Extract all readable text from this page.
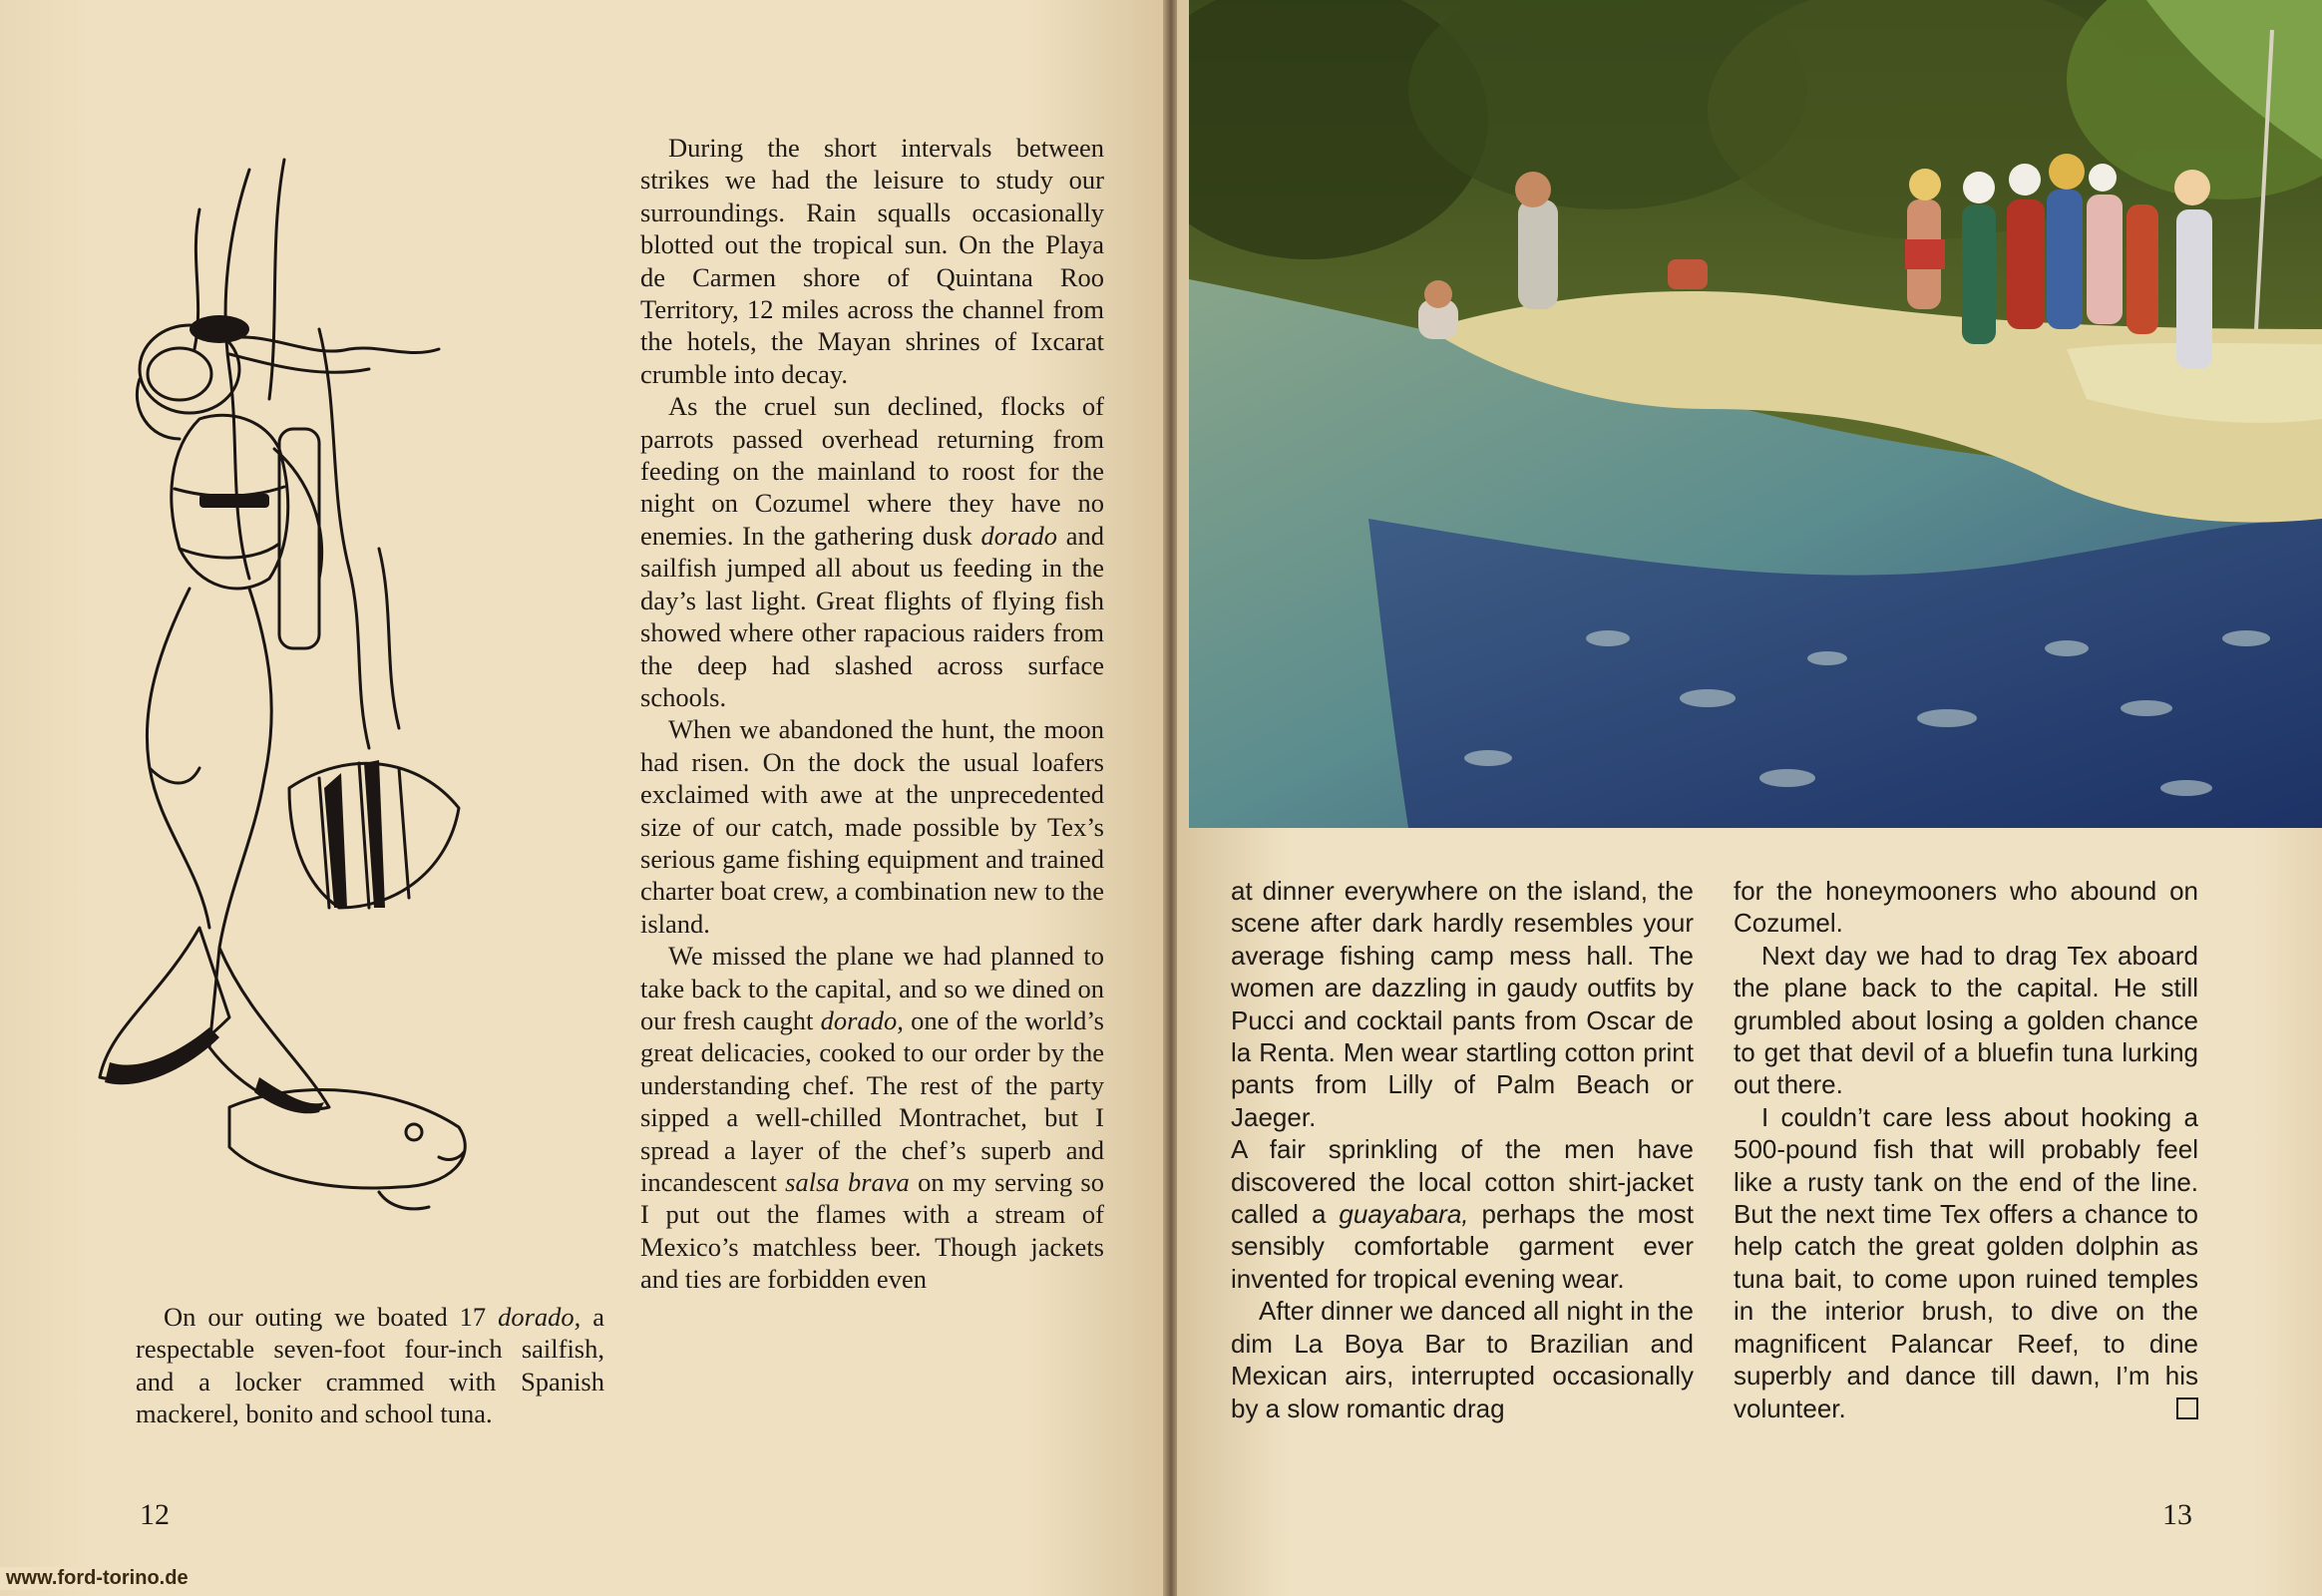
On our outing we boated 17 dorado, a respectable seven-foot four-inch sailfish, and a locker crammed with Spanish mackerel, bonito and school tuna.

During the short intervals between strikes we had the leisure to study our surroundings. Rain squalls occasionally blotted out the tropical sun. On the Playa de Carmen shore of Quintana Roo Territory, 12 miles across the channel from the hotels, the Mayan shrines of Ixcarat crumble into decay.

As the cruel sun declined, flocks of parrots passed overhead returning from feeding on the mainland to roost for the night on Cozumel where they have no enemies. In the gathering dusk dorado and sailfish jumped all about us feeding in the day’s last light. Great flights of flying fish showed where other rapacious raiders from the deep had slashed across surface schools.

When we abandoned the hunt, the moon had risen. On the dock the usual loafers exclaimed with awe at the unprecedented size of our catch, made possible by Tex’s serious game fishing equipment and trained charter boat crew, a combination new to the island.

We missed the plane we had planned to take back to the capital, and so we dined on our fresh caught dorado, one of the world’s great delicacies, cooked to our order by the understanding chef. The rest of the party sipped a well-chilled Montrachet, but I spread a layer of the chef’s superb and incandescent salsa brava on my serving so I put out the flames with a stream of Mexico’s matchless beer. Though jackets and ties are forbidden even

12
www.ford-torino.de

at dinner everywhere on the island, the scene after dark hardly resembles your average fishing camp mess hall. The women are dazzling in gaudy outfits by Pucci and cocktail pants from Oscar de la Renta. Men wear startling cotton print pants from Lilly of Palm Beach or Jaeger.

A fair sprinkling of the men have discovered the local cotton shirt-jacket called a guayabara, perhaps the most sensibly comfortable garment ever invented for tropical evening wear.

After dinner we danced all night in the dim La Boya Bar to Brazilian and Mexican airs, interrupted occasionally by a slow romantic drag

for the honeymooners who abound on Cozumel.

Next day we had to drag Tex aboard the plane back to the capital. He still grumbled about losing a golden chance to get that devil of a bluefin tuna lurking out there.

I couldn’t care less about hooking a 500-pound fish that will probably feel like a rusty tank on the end of the line. But the next time Tex offers a chance to help catch the great golden dolphin as tuna bait, to come upon ruined temples in the interior brush, to dive on the magnificent Palancar Reef, to dine superbly and dance till dawn, I’m his volunteer.

13
